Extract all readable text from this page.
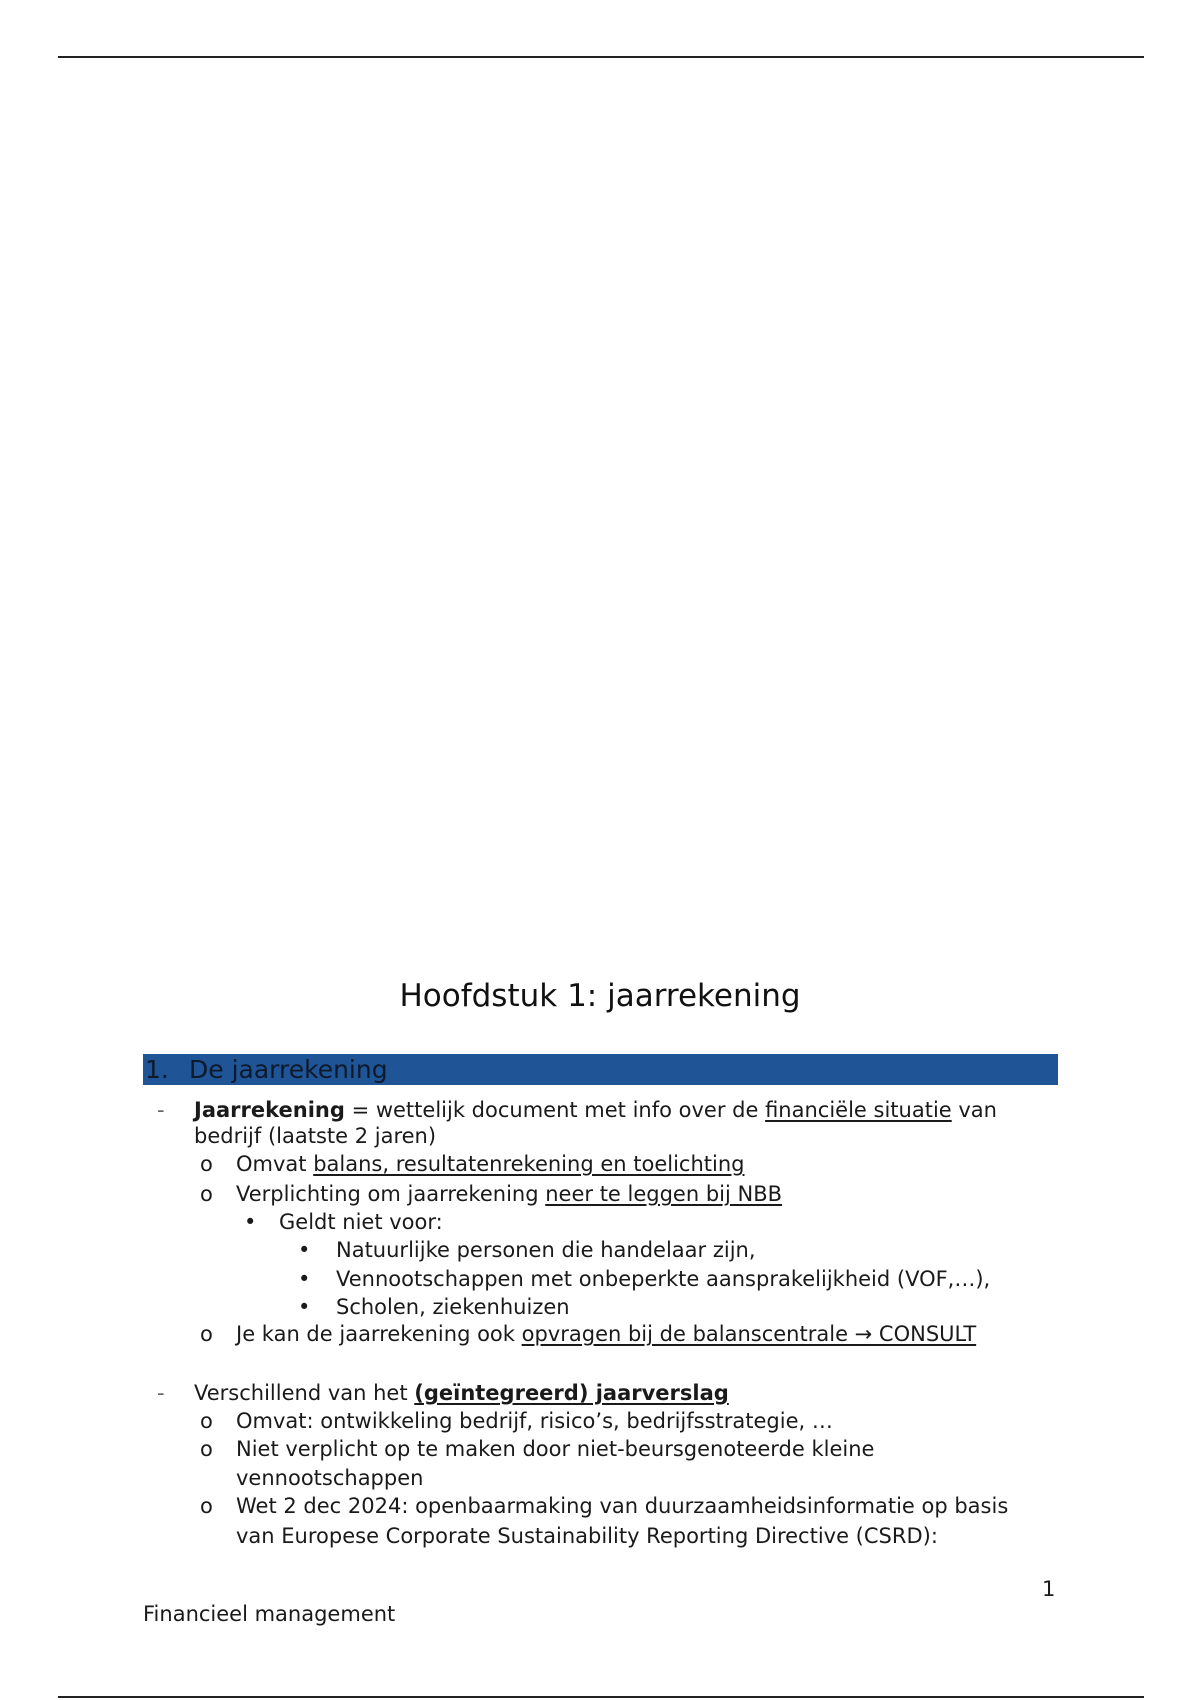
Hoofdstuk 1: jaarrekening
1. De jaarrekening
- Jaarrekening = wettelijk document met info over de financiële situatie van
bedrijf (laatste 2 jaren)
o Omvat balans, resultatenrekening en toelichting
o Verplichting om jaarrekening neer te leggen bij NBB
• Geldt niet voor:
• Natuurlijke personen die handelaar zijn,
• Vennootschappen met onbeperkte aansprakelijkheid (VOF,…),
• Scholen, ziekenhuizen
o Je kan de jaarrekening ook opvragen bij de balanscentrale → CONSULT
- Verschillend van het (geïntegreerd) jaarverslag
o Omvat: ontwikkeling bedrijf, risico’s, bedrijfsstrategie, …
o Niet verplicht op te maken door niet-beursgenoteerde kleine
vennootschappen
o Wet 2 dec 2024: openbaarmaking van duurzaamheidsinformatie op basis
van Europese Corporate Sustainability Reporting Directive (CSRD):
1
Financieel management
